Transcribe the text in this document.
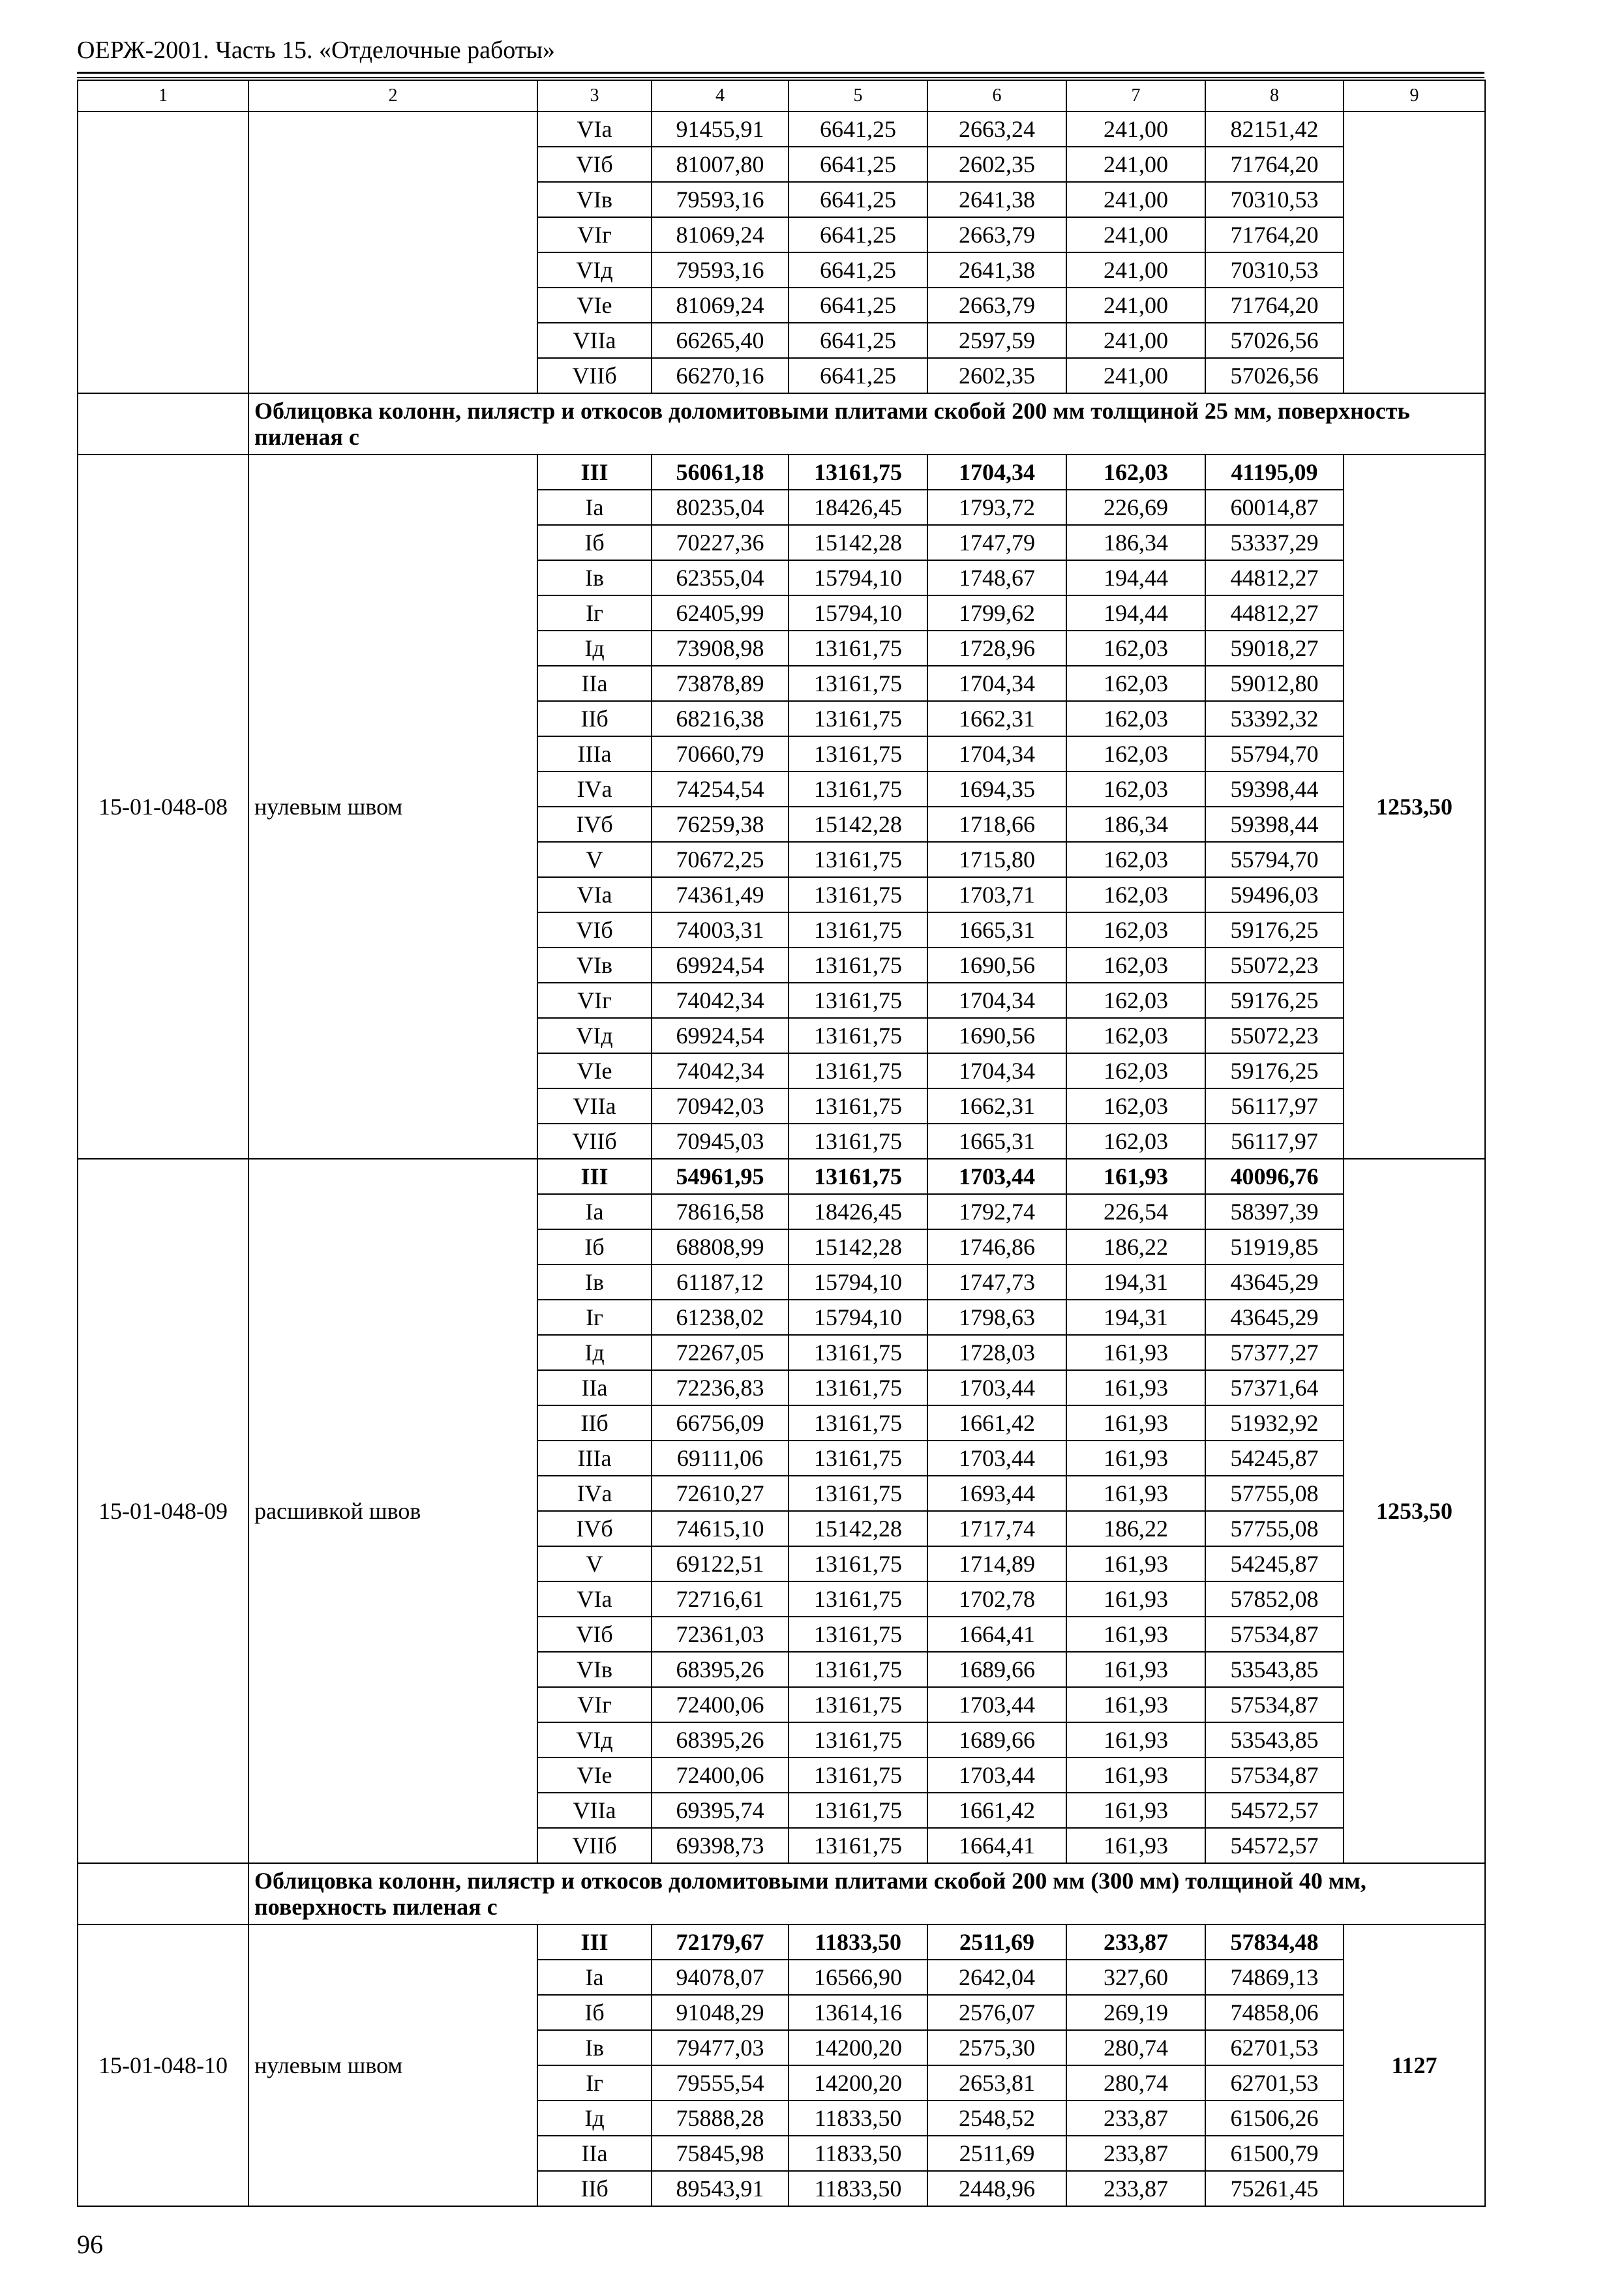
ОЕРЖ-2001. Часть 15. «Отделочные работы»
1	2	3	4	5	6	7	8	9
		VIа	91455,91	6641,25	2663,24	241,00	82151,42	
		VIб	81007,80	6641,25	2602,35	241,00	71764,20	
		VIв	79593,16	6641,25	2641,38	241,00	70310,53	
		VIг	81069,24	6641,25	2663,79	241,00	71764,20	
		VIд	79593,16	6641,25	2641,38	241,00	70310,53	
		VIе	81069,24	6641,25	2663,79	241,00	71764,20	
		VIIа	66265,40	6641,25	2597,59	241,00	57026,56	
		VIIб	66270,16	6641,25	2602,35	241,00	57026,56	
	Облицовка колонн, пилястр и откосов доломитовыми плитами скобой 200 мм толщиной 25 мм, поверхность пиленая с							
15-01-048-08	нулевым швом	III	56061,18	13161,75	1704,34	162,03	41195,09	1253,50
		Iа	80235,04	18426,45	1793,72	226,69	60014,87	
		Iб	70227,36	15142,28	1747,79	186,34	53337,29	
		Iв	62355,04	15794,10	1748,67	194,44	44812,27	
		Iг	62405,99	15794,10	1799,62	194,44	44812,27	
		Iд	73908,98	13161,75	1728,96	162,03	59018,27	
		IIа	73878,89	13161,75	1704,34	162,03	59012,80	
		IIб	68216,38	13161,75	1662,31	162,03	53392,32	
		IIIа	70660,79	13161,75	1704,34	162,03	55794,70	
		IVа	74254,54	13161,75	1694,35	162,03	59398,44	
		IVб	76259,38	15142,28	1718,66	186,34	59398,44	
		V	70672,25	13161,75	1715,80	162,03	55794,70	
		VIа	74361,49	13161,75	1703,71	162,03	59496,03	
		VIб	74003,31	13161,75	1665,31	162,03	59176,25	
		VIв	69924,54	13161,75	1690,56	162,03	55072,23	
		VIг	74042,34	13161,75	1704,34	162,03	59176,25	
		VIд	69924,54	13161,75	1690,56	162,03	55072,23	
		VIе	74042,34	13161,75	1704,34	162,03	59176,25	
		VIIа	70942,03	13161,75	1662,31	162,03	56117,97	
		VIIб	70945,03	13161,75	1665,31	162,03	56117,97	
15-01-048-09	расшивкой швов	III	54961,95	13161,75	1703,44	161,93	40096,76	1253,50
		Iа	78616,58	18426,45	1792,74	226,54	58397,39	
		Iб	68808,99	15142,28	1746,86	186,22	51919,85	
		Iв	61187,12	15794,10	1747,73	194,31	43645,29	
		Iг	61238,02	15794,10	1798,63	194,31	43645,29	
		Iд	72267,05	13161,75	1728,03	161,93	57377,27	
		IIа	72236,83	13161,75	1703,44	161,93	57371,64	
		IIб	66756,09	13161,75	1661,42	161,93	51932,92	
		IIIа	69111,06	13161,75	1703,44	161,93	54245,87	
		IVа	72610,27	13161,75	1693,44	161,93	57755,08	
		IVб	74615,10	15142,28	1717,74	186,22	57755,08	
		V	69122,51	13161,75	1714,89	161,93	54245,87	
		VIа	72716,61	13161,75	1702,78	161,93	57852,08	
		VIб	72361,03	13161,75	1664,41	161,93	57534,87	
		VIв	68395,26	13161,75	1689,66	161,93	53543,85	
		VIг	72400,06	13161,75	1703,44	161,93	57534,87	
		VIд	68395,26	13161,75	1689,66	161,93	53543,85	
		VIе	72400,06	13161,75	1703,44	161,93	57534,87	
		VIIа	69395,74	13161,75	1661,42	161,93	54572,57	
		VIIб	69398,73	13161,75	1664,41	161,93	54572,57	
	Облицовка колонн, пилястр и откосов доломитовыми плитами скобой 200 мм (300 мм) толщиной 40 мм, поверхность пиленая с							
15-01-048-10	нулевым швом	III	72179,67	11833,50	2511,69	233,87	57834,48	1127
		Iа	94078,07	16566,90	2642,04	327,60	74869,13	
		Iб	91048,29	13614,16	2576,07	269,19	74858,06	
		Iв	79477,03	14200,20	2575,30	280,74	62701,53	
		Iг	79555,54	14200,20	2653,81	280,74	62701,53	
		Iд	75888,28	11833,50	2548,52	233,87	61506,26	
		IIа	75845,98	11833,50	2511,69	233,87	61500,79	
		IIб	89543,91	11833,50	2448,96	233,87	75261,45	
96
